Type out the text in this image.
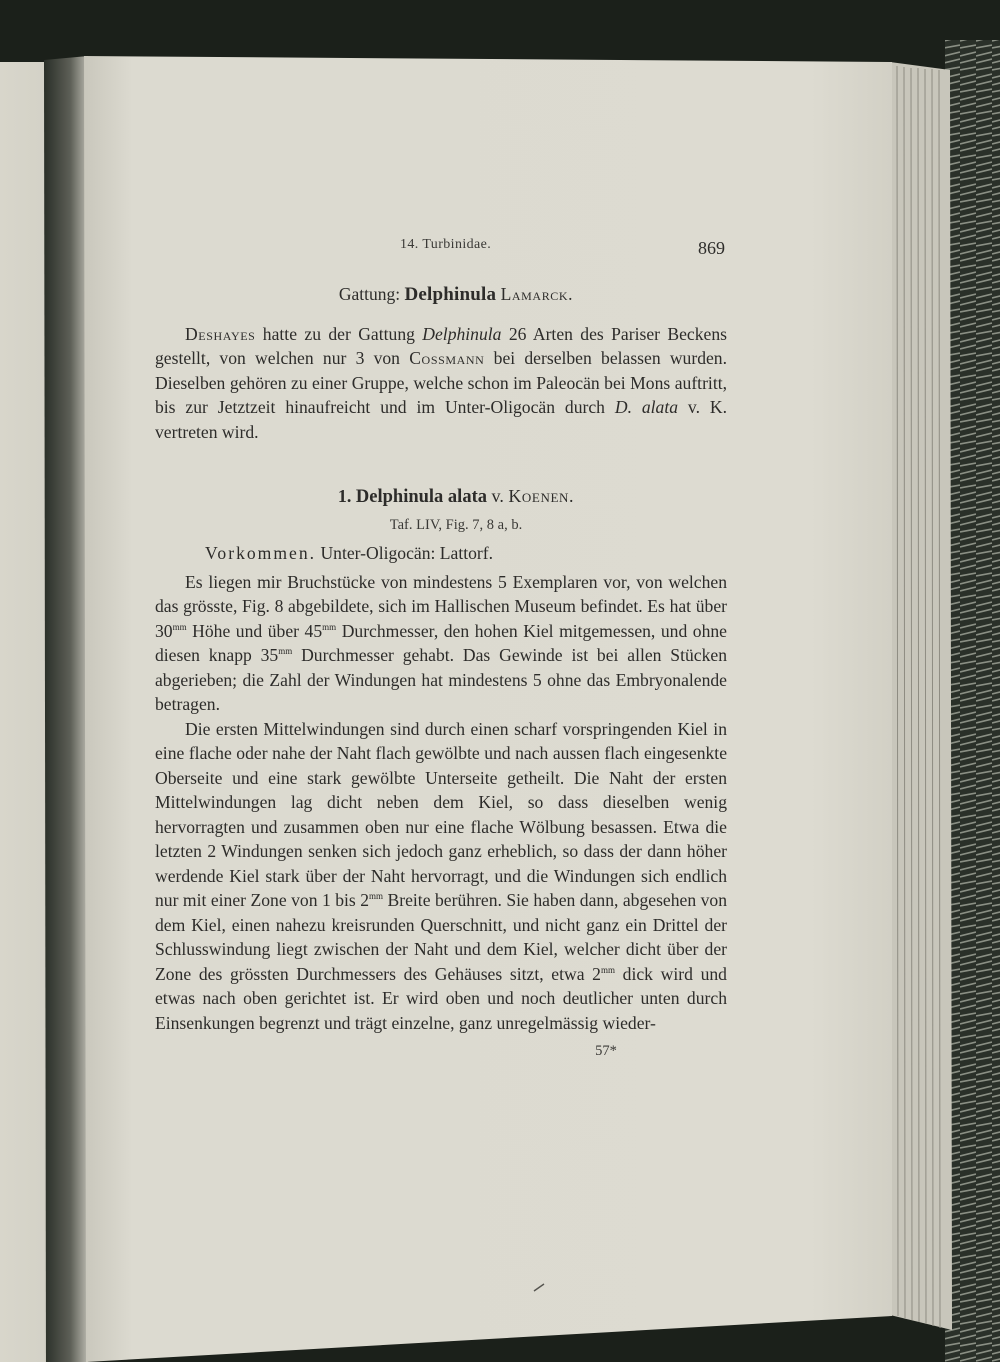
14. Turbinidae.	869
Gattung: Delphinula Lamarck.

Deshayes hatte zu der Gattung Delphinula 26 Arten des Pariser Beckens gestellt, von welchen nur 3 von Cossmann bei derselben belassen wurden. Dieselben gehören zu einer Gruppe, welche schon im Paleocän bei Mons auftritt, bis zur Jetztzeit hinaufreicht und im Unter-Oligocän durch D. alata v. K. vertreten wird.

1. Delphinula alata v. Koenen.
Taf. LIV, Fig. 7, 8 a, b.

Vorkommen. Unter-Oligocän: Lattorf.

Es liegen mir Bruchstücke von mindestens 5 Exemplaren vor, von welchen das grösste, Fig. 8 abgebildete, sich im Hallischen Museum befindet. Es hat über $30^{mm}$ Höhe und über $45^{mm}$ Durchmesser, den hohen Kiel mitgemessen, und ohne diesen knapp $35^{mm}$ Durchmesser gehabt. Das Gewinde ist bei allen Stücken abgerieben; die Zahl der Windungen hat mindestens 5 ohne das Embryonalende betragen.

Die ersten Mittelwindungen sind durch einen scharf vorspringenden Kiel in eine flache oder nahe der Naht flach gewölbte und nach aussen flach eingesenkte Oberseite und eine stark gewölbte Unterseite getheilt. Die Naht der ersten Mittelwindungen lag dicht neben dem Kiel, so dass dieselben wenig hervorragten und zusammen oben nur eine flache Wölbung besassen. Etwa die letzten 2 Windungen senken sich jedoch ganz erheblich, so dass der dann höher werdende Kiel stark über der Naht hervorragt, und die Windungen sich endlich nur mit einer Zone von 1 bis $2^{mm}$ Breite berühren. Sie haben dann, abgesehen von dem Kiel, einen nahezu kreisrunden Querschnitt, und nicht ganz ein Drittel der Schlusswindung liegt zwischen der Naht und dem Kiel, welcher dicht über der Zone des grössten Durchmessers des Gehäuses sitzt, etwa $2^{mm}$ dick wird und etwas nach oben gerichtet ist. Er wird oben und noch deutlicher unten durch Einsenkungen begrenzt und trägt einzelne, ganz unregelmässig wieder-

57*
